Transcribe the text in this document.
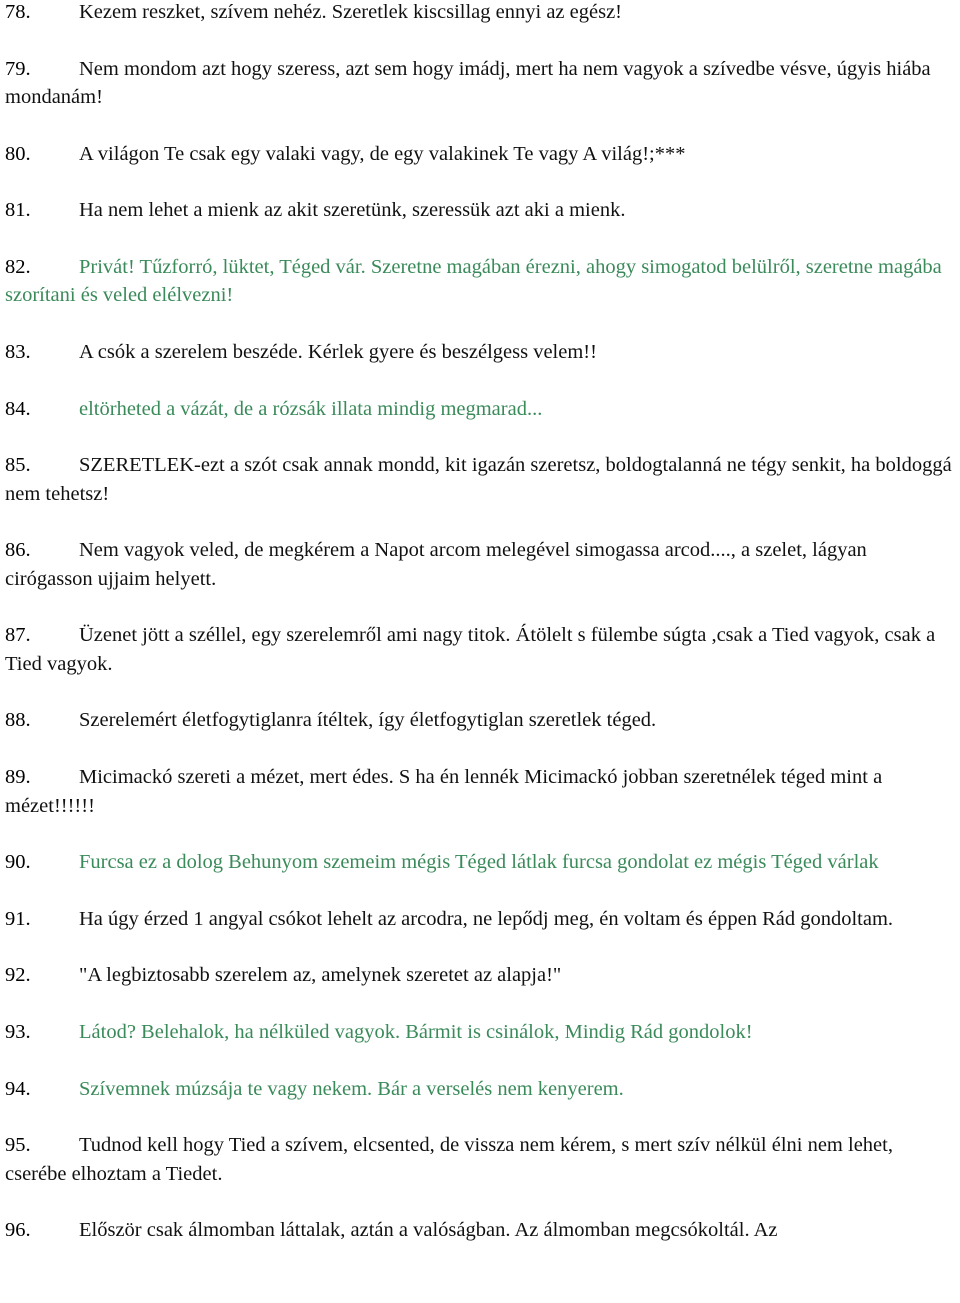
78. Kezem reszket, szívem nehéz. Szeretlek kiscsillag ennyi az egész!

79. Nem mondom azt hogy szeress, azt sem hogy imádj, mert ha nem vagyok a szívedbe vésve, úgyis hiába mondanám!

80. A világon Te csak egy valaki vagy, de egy valakinek Te vagy A világ!;***

81. Ha nem lehet a mienk az akit szeretünk, szeressük azt aki a mienk.

82. Privát! Tűzforró, lüktet, Téged vár. Szeretne magában érezni, ahogy simogatod belülről, szeretne magába szorítani és veled elélvezni!

83. A csók a szerelem beszéde. Kérlek gyere és beszélgess velem!!

84. eltörheted a vázát, de a rózsák illata mindig megmarad...

85. SZERETLEK-ezt a szót csak annak mondd, kit igazán szeretsz, boldogtalanná ne tégy senkit, ha boldoggá nem tehetsz!

86. Nem vagyok veled, de megkérem a Napot arcom melegével simogassa arcod...., a szelet, lágyan cirógasson ujjaim helyett.

87. Üzenet jött a széllel, egy szerelemről ami nagy titok. Átölelt s fülembe súgta ,csak a Tied vagyok, csak a Tied vagyok.

88. Szerelemért életfogytiglanra ítéltek, így életfogytiglan szeretlek téged.

89. Micimackó szereti a mézet, mert édes. S ha én lennék Micimackó jobban szeretnélek téged mint a mézet!!!!!!

90. Furcsa ez a dolog Behunyom szemeim mégis Téged látlak furcsa gondolat ez mégis Téged várlak

91. Ha úgy érzed 1 angyal csókot lehelt az arcodra, ne lepődj meg, én voltam és éppen Rád gondoltam.

92. "A legbiztosabb szerelem az, amelynek szeretet az alapja!"

93. Látod? Belehalok, ha nélküled vagyok. Bármit is csinálok, Mindig Rád gondolok!

94. Szívemnek múzsája te vagy nekem. Bár a verselés nem kenyerem.

95. Tudnod kell hogy Tied a szívem, elcsented, de vissza nem kérem, s mert szív nélkül élni nem lehet, cserébe elhoztam a Tiedet.

96. Először csak álmomban láttalak, aztán a valóságban. Az álmomban megcsókoltál. Az
